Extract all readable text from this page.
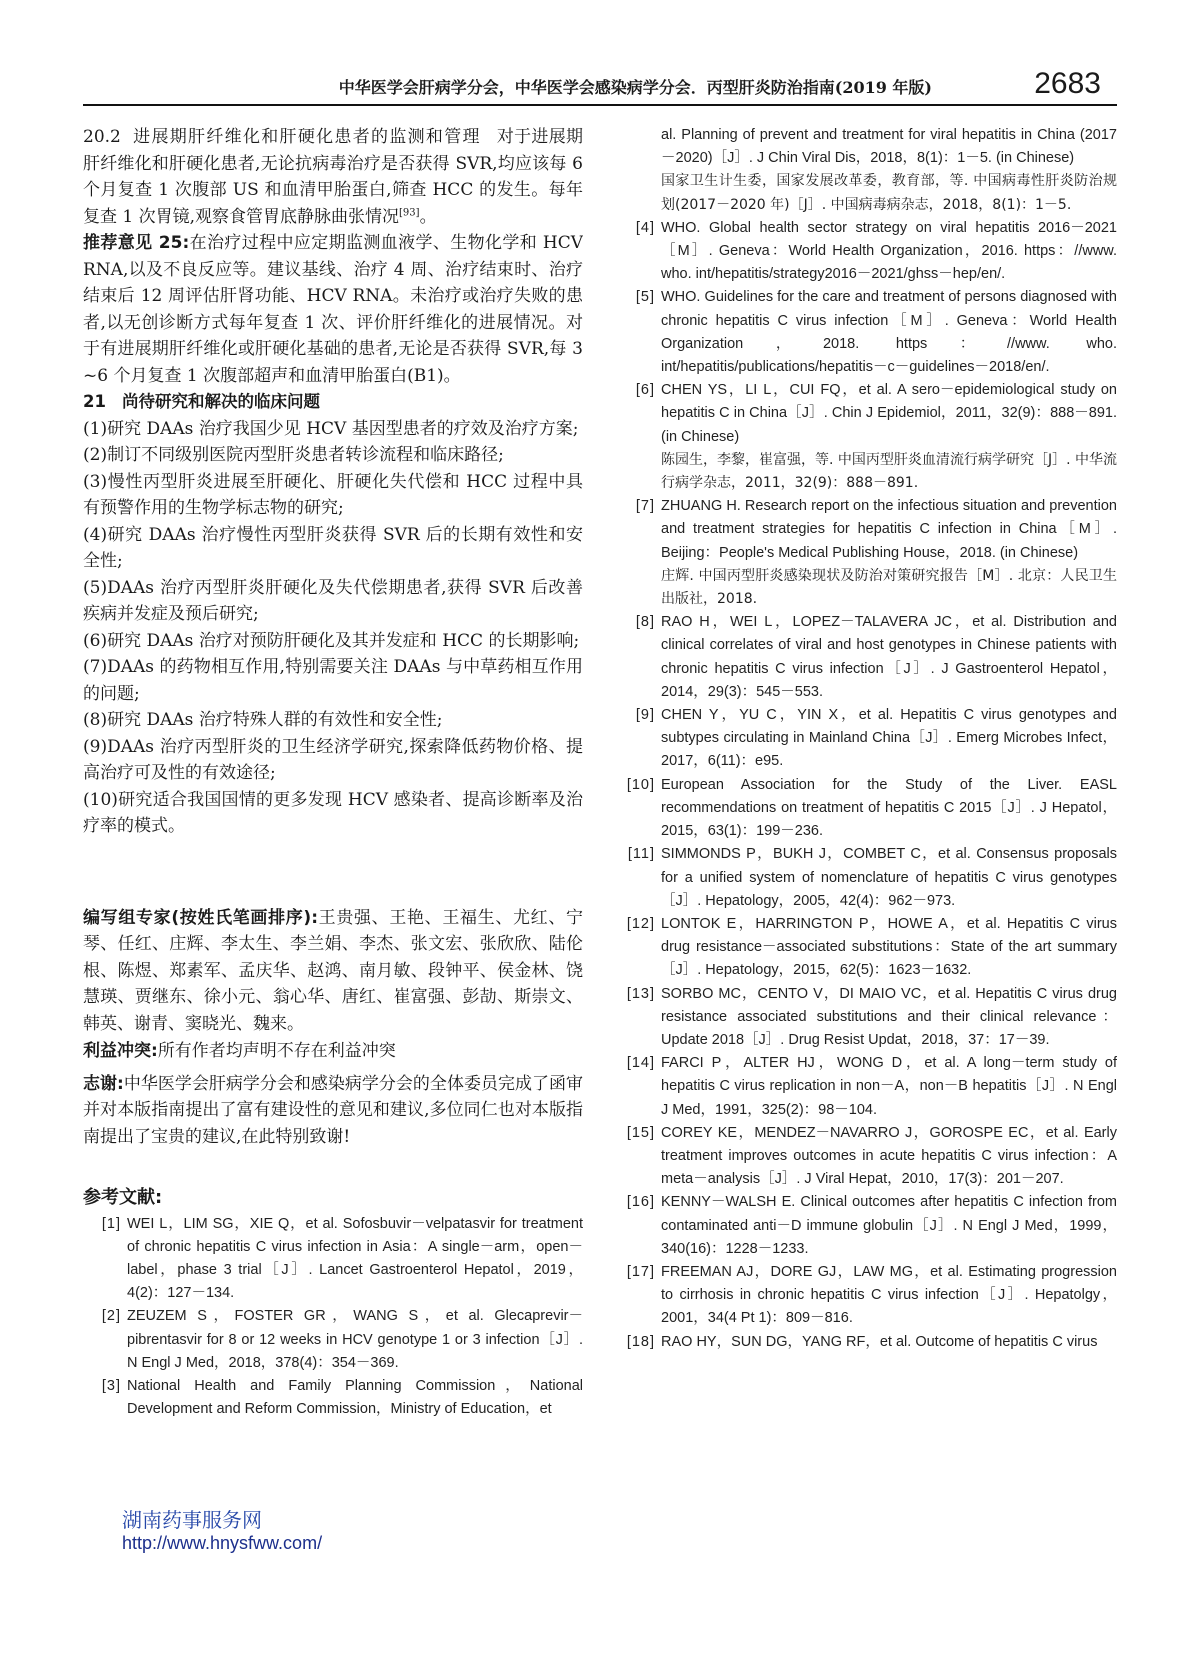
中华医学会肝病学分会，中华医学会感染病学分会．丙型肝炎防治指南(2019 年版)	2683

20.2 进展期肝纤维化和肝硬化患者的监测和管理 对于进展期肝纤维化和肝硬化患者,无论抗病毒治疗是否获得 SVR,均应该每 6 个月复查 1 次腹部 US 和血清甲胎蛋白,筛查 HCC 的发生。每年复查 1 次胃镜,观察食管胃底静脉曲张情况[93]。

推荐意见 25:在治疗过程中应定期监测血液学、生物化学和 HCV RNA,以及不良反应等。建议基线、治疗 4 周、治疗结束时、治疗结束后 12 周评估肝肾功能、HCV RNA。未治疗或治疗失败的患者,以无创诊断方式每年复查 1 次、评价肝纤维化的进展情况。对于有进展期肝纤维化或肝硬化基础的患者,无论是否获得 SVR,每 3 ~6 个月复查 1 次腹部超声和血清甲胎蛋白(B1)。

21 尚待研究和解决的临床问题

(1)研究 DAAs 治疗我国少见 HCV 基因型患者的疗效及治疗方案;

(2)制订不同级别医院丙型肝炎患者转诊流程和临床路径;

(3)慢性丙型肝炎进展至肝硬化、肝硬化失代偿和 HCC 过程中具有预警作用的生物学标志物的研究;

(4)研究 DAAs 治疗慢性丙型肝炎获得 SVR 后的长期有效性和安全性;

(5)DAAs 治疗丙型肝炎肝硬化及失代偿期患者,获得 SVR 后改善疾病并发症及预后研究;

(6)研究 DAAs 治疗对预防肝硬化及其并发症和 HCC 的长期影响;

(7)DAAs 的药物相互作用,特别需要关注 DAAs 与中草药相互作用的问题;

(8)研究 DAAs 治疗特殊人群的有效性和安全性;

(9)DAAs 治疗丙型肝炎的卫生经济学研究,探索降低药物价格、提高治疗可及性的有效途径;

(10)研究适合我国国情的更多发现 HCV 感染者、提高诊断率及治疗率的模式。

编写组专家(按姓氏笔画排序):王贵强、王艳、王福生、尤红、宁琴、任红、庄辉、李太生、李兰娟、李杰、张文宏、张欣欣、陆伦根、陈煜、郑素军、孟庆华、赵鸿、南月敏、段钟平、侯金林、饶慧瑛、贾继东、徐小元、翁心华、唐红、崔富强、彭劼、斯崇文、韩英、谢青、窦晓光、魏来。

利益冲突:所有作者均声明不存在利益冲突

志谢:中华医学会肝病学分会和感染病学分会的全体委员完成了函审并对本版指南提出了富有建设性的意见和建议,多位同仁也对本版指南提出了宝贵的建议,在此特别致谢!

参考文献:

[1] WEI L，LIM SG，XIE Q，et al. Sofosbuvir－velpatasvir for treatment of chronic hepatitis C virus infection in Asia：A single－arm，open－label，phase 3 trial［J］. Lancet Gastroenterol Hepatol，2019，4(2)：127－134.
[2] ZEUZEM S，FOSTER GR，WANG S，et al. Glecaprevir－pibrentasvir for 8 or 12 weeks in HCV genotype 1 or 3 infection［J］. N Engl J Med，2018，378(4)：354－369.
[3] National Health and Family Planning Commission，National Development and Reform Commission，Ministry of Education，et
al. Planning of prevent and treatment for viral hepatitis in China (2017－2020)［J］. J Chin Viral Dis，2018，8(1)：1－5. (in Chinese)
国家卫生计生委，国家发展改革委，教育部，等. 中国病毒性肝炎防治规划(2017－2020 年)［J］. 中国病毒病杂志，2018，8(1)：1－5.
[4] WHO. Global health sector strategy on viral hepatitis 2016－2021［M］. Geneva：World Health Organization，2016. https：//www. who. int/hepatitis/strategy2016－2021/ghss－hep/en/.
[5] WHO. Guidelines for the care and treatment of persons diagnosed with chronic hepatitis C virus infection［M］. Geneva：World Health Organization，2018. https：//www. who. int/hepatitis/publications/hepatitis－c－guidelines－2018/en/.
[6] CHEN YS，LI L，CUI FQ，et al. A sero－epidemiological study on hepatitis C in China［J］. Chin J Epidemiol，2011，32(9)：888－891. (in Chinese)
陈园生，李黎，崔富强，等. 中国丙型肝炎血清流行病学研究［J］. 中华流行病学杂志，2011，32(9)：888－891.
[7] ZHUANG H. Research report on the infectious situation and prevention and treatment strategies for hepatitis C infection in China［M］. Beijing：People's Medical Publishing House，2018. (in Chinese)
庄辉. 中国丙型肝炎感染现状及防治对策研究报告［M］. 北京：人民卫生出版社，2018.
[8] RAO H，WEI L，LOPEZ－TALAVERA JC，et al. Distribution and clinical correlates of viral and host genotypes in Chinese patients with chronic hepatitis C virus infection［J］. J Gastroenterol Hepatol，2014，29(3)：545－553.
[9] CHEN Y，YU C，YIN X，et al. Hepatitis C virus genotypes and subtypes circulating in Mainland China［J］. Emerg Microbes Infect，2017，6(11)：e95.
[10] European Association for the Study of the Liver. EASL recommendations on treatment of hepatitis C 2015［J］. J Hepatol，2015，63(1)：199－236.
[11] SIMMONDS P，BUKH J，COMBET C，et al. Consensus proposals for a unified system of nomenclature of hepatitis C virus genotypes［J］. Hepatology，2005，42(4)：962－973.
[12] LONTOK E，HARRINGTON P，HOWE A，et al. Hepatitis C virus drug resistance－associated substitutions：State of the art summary［J］. Hepatology，2015，62(5)：1623－1632.
[13] SORBO MC，CENTO V，DI MAIO VC，et al. Hepatitis C virus drug resistance associated substitutions and their clinical relevance：Update 2018［J］. Drug Resist Updat，2018，37：17－39.
[14] FARCI P，ALTER HJ，WONG D，et al. A long－term study of hepatitis C virus replication in non－A，non－B hepatitis［J］. N Engl J Med，1991，325(2)：98－104.
[15] COREY KE，MENDEZ－NAVARRO J，GOROSPE EC，et al. Early treatment improves outcomes in acute hepatitis C virus infection：A meta－analysis［J］. J Viral Hepat，2010，17(3)：201－207.
[16] KENNY－WALSH E. Clinical outcomes after hepatitis C infection from contaminated anti－D immune globulin［J］. N Engl J Med，1999，340(16)：1228－1233.
[17] FREEMAN AJ，DORE GJ，LAW MG，et al. Estimating progression to cirrhosis in chronic hepatitis C virus infection［J］. Hepatolgy，2001，34(4 Pt 1)：809－816.
[18] RAO HY，SUN DG，YANG RF，et al. Outcome of hepatitis C virus
湖南药事服务网
http://www.hnysfww.com/
